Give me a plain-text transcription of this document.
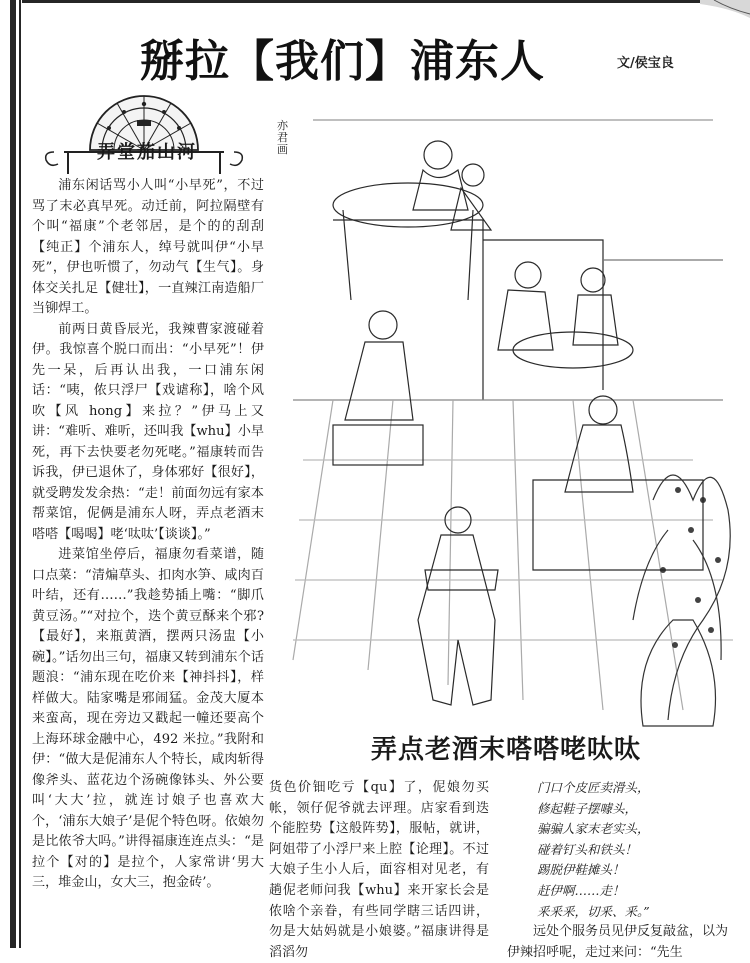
掰拉【我们】浦东人	文/侯宝良
弄堂茄山河

浦东闲话骂小人叫“小早死”，不过骂了末必真早死。动迁前，阿拉隔壁有个叫“福康”个老邻居，是个的的刮刮【纯正】个浦东人，绰号就叫伊“小早死”，伊也听惯了，勿动气【生气】。身体交关扎足【健壮】，一直辣江南造船厂当铆焊工。

前两日黄昏辰光，我辣曹家渡碰着伊。我惊喜个脱口而出：“小早死”！伊先一呆，后再认出我，一口浦东闲话：“咦，侬只浮尸【戏谑称】，啥个风吹【风 hong】来拉？”伊马上又讲：“难听、难听，还叫我【whu】小早死，再下去快要老勿死咾。”福康转而告诉我，伊已退休了，身体邪好【很好】，就受聘发发余热：“走！前面勿远有家本帮菜馆，伲俩是浦东人呀，弄点老酒末嗒嗒【喝喝】咾‘呔呔’【谈谈】。”

进菜馆坐停后，福康勿看菜谱，随口点菜：“清煸草头、扣肉水笋、咸肉百叶结，还有……”我趁势插上嘴：“脚爪黄豆汤。”“对拉个，迭个黄豆酥来个邪?【最好】，来瓶黄酒，摆两只汤盅【小碗】。”话勿出三句，福康又转到浦东个话题浪：“浦东现在吃价来【神抖抖】，样样做大。陆家嘴是邪闹猛。金茂大厦本来蛮高，现在旁边又戳起一幢还要高个上海环球金融中心，492 米拉。”我附和伊：“做大是伲浦东人个特长，咸肉斩得像斧头、蓝花边个汤碗像钵头、外公要叫‘大大’拉，就连讨娘子也喜欢大个，‘浦东大娘子’是伲个特色呀。依娘勿是比侬爷大吗。”讲得福康连连点头：“是拉个【对的】是拉个，人家常讲‘男大三，堆金山，女大三，抱金砖’。

亦君画
弄点老酒末嗒嗒咾呔呔

货色价钿吃亏【qu】了，伲娘勿买帐，领仔伲爷就去评理。店家看到迭个能腔势【这般阵势】，服帖，就讲，阿姐带了小浮尸来上腔【论理】。不过大娘子生小人后，面容相对见老，有趟伲老师问我【whu】来开家长会是侬啥个亲眷，有些同学瞎三话四讲，勿是大姑妈就是小娘婆。”福康讲得是滔滔勿

门口个皮匠卖滑头，
修起鞋子摆噱头，
骗骗人家末老实头，
碰着钉头和铁头！
踢脱伊鞋摊头！
赶伊啊……走！
釆釆釆，切釆、釆。”

远处个服务员见伊反复敲盆，以为伊辣招呼呢，走过来问：“先生
